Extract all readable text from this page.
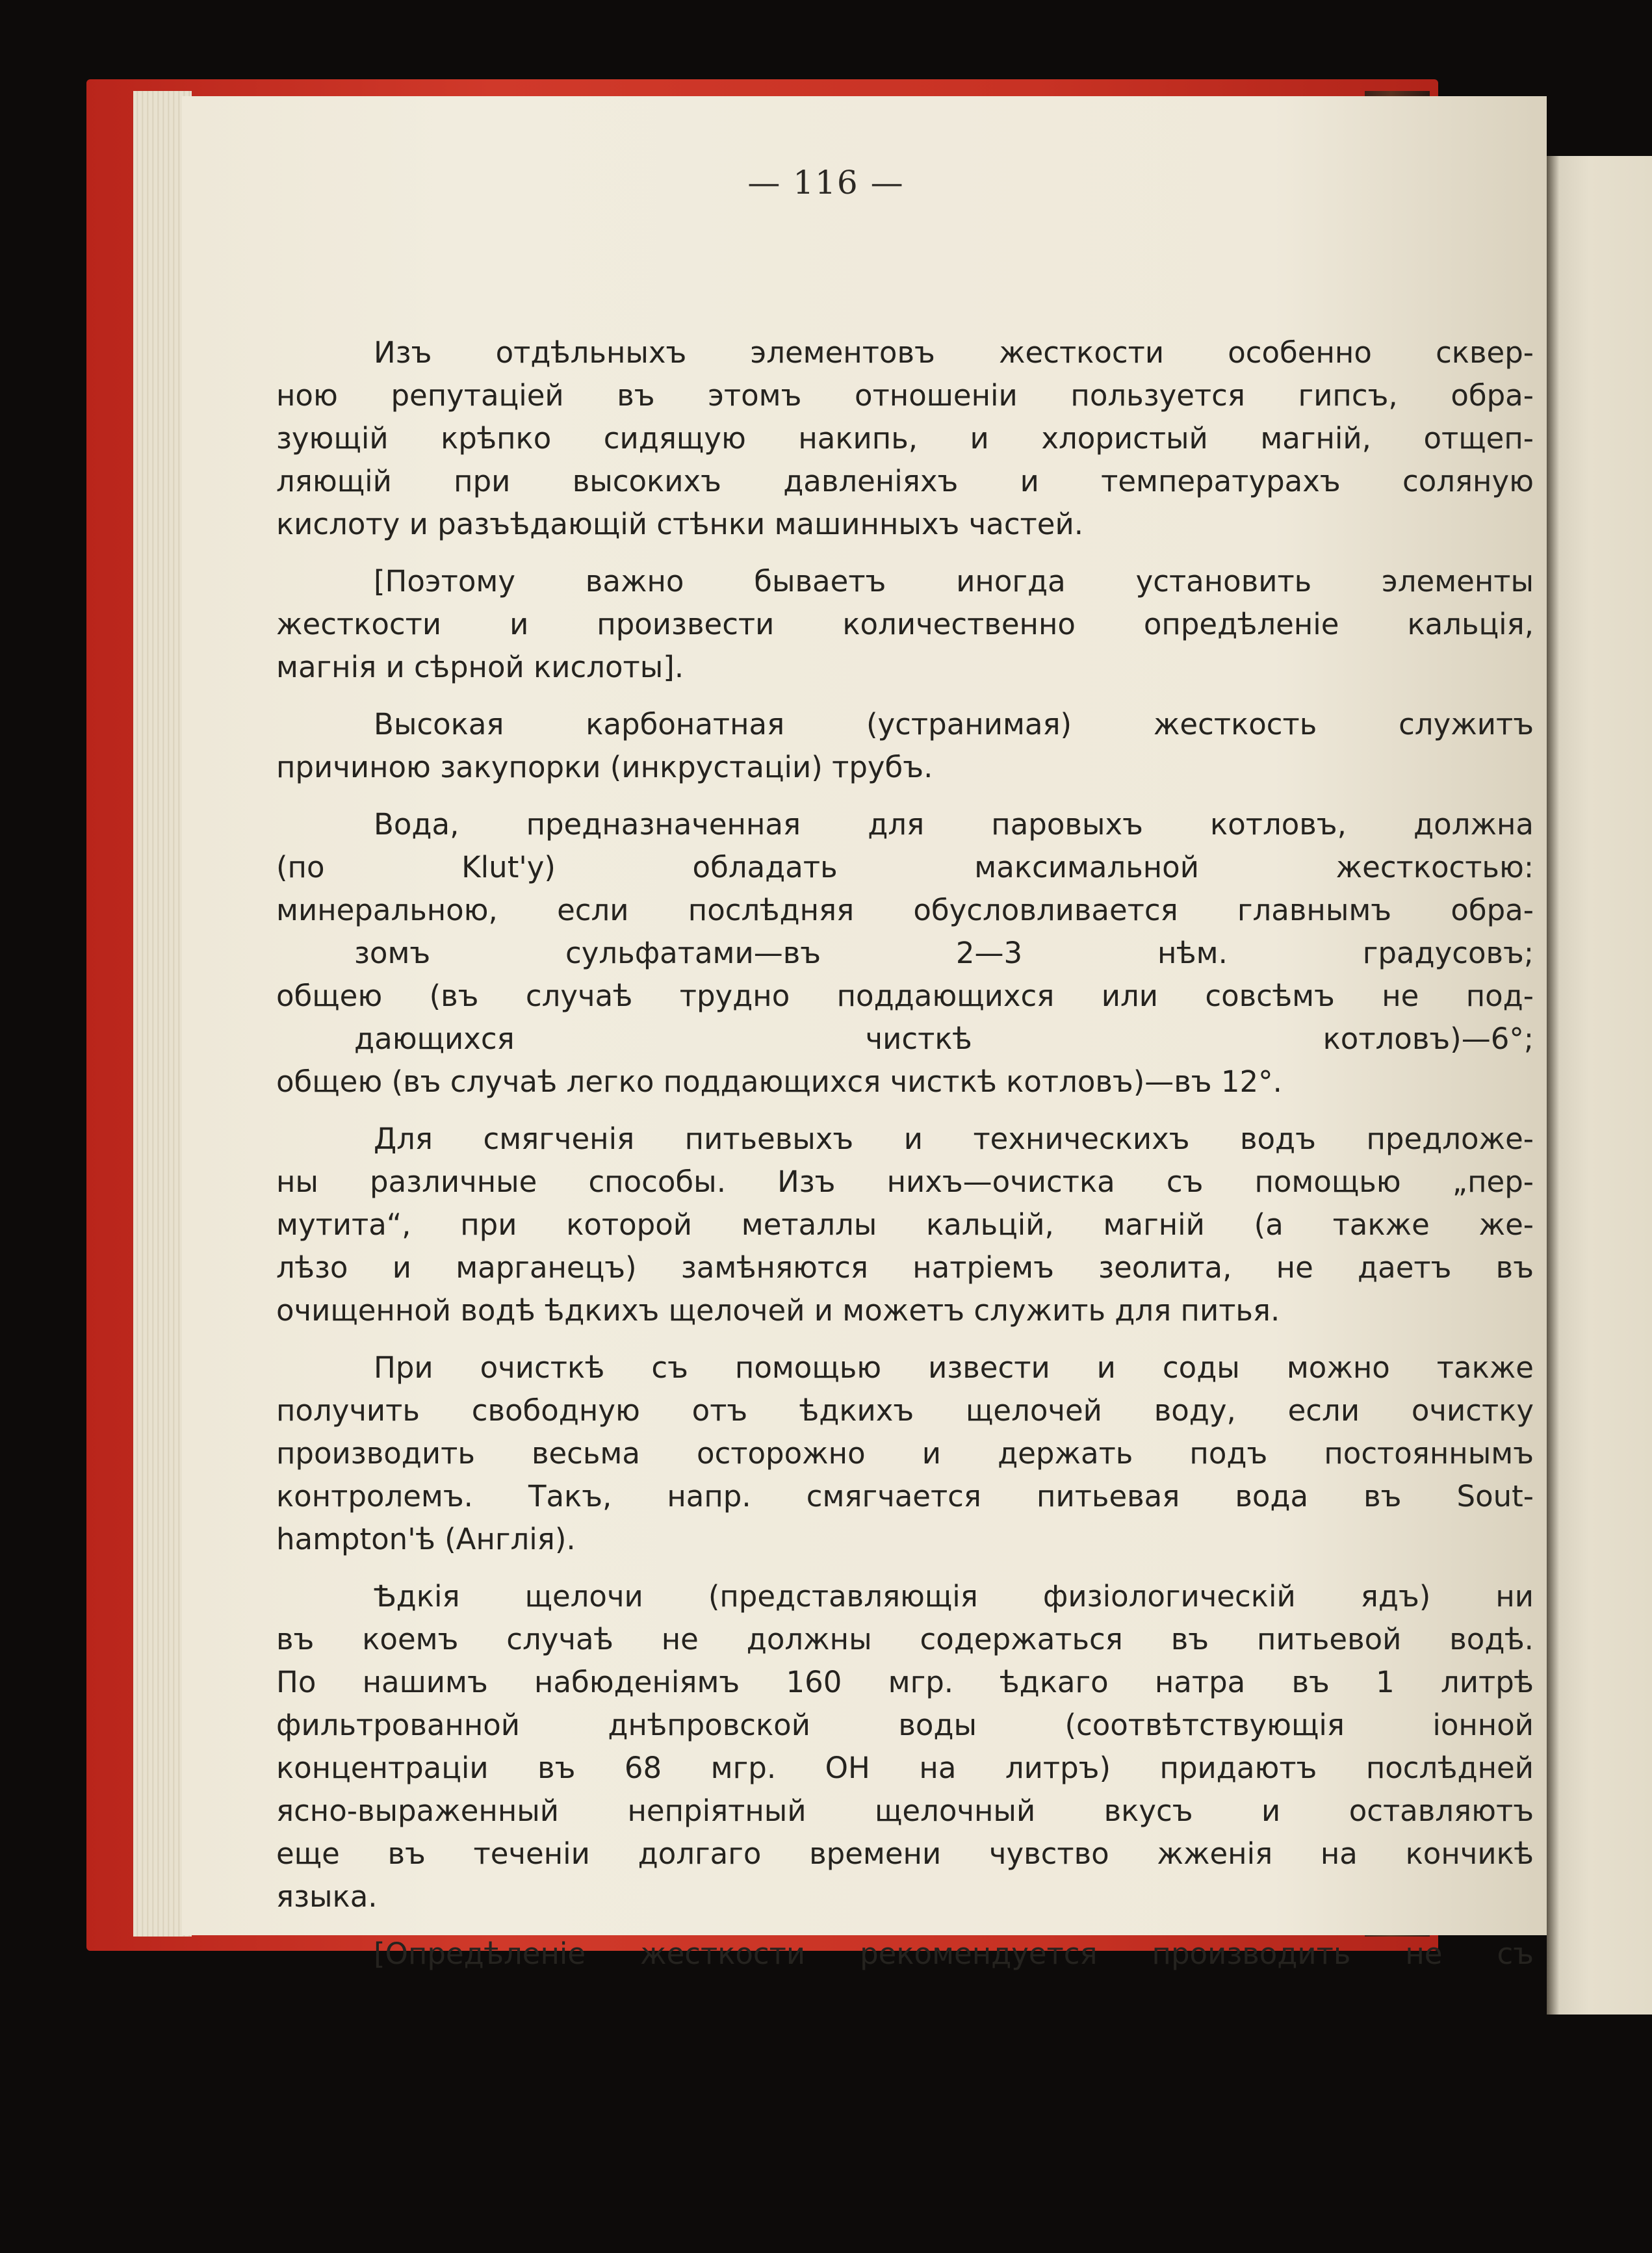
— 116 —
Изъ отдѣльныхъ элементовъ жесткости особенно сквер-
ною репутаціей въ этомъ отношеніи пользуется гипсъ, обра-
зующій крѣпко сидящую накипь, и хлористый магній, отщеп-
ляющій при высокихъ давленіяхъ и температурахъ соляную
кислоту и разъѣдающій стѣнки машинныхъ частей.
[Поэтому важно бываетъ иногда установить элементы
жесткости и произвести количественно опредѣленіе кальція,
магнія и сѣрной кислоты].
Высокая карбонатная (устранимая) жесткость служитъ
причиною закупорки (инкрустаціи) трубъ.
Вода, предназначенная для паровыхъ котловъ, должна
(по Klut'у) обладать максимальной жесткостью:
минеральною, если послѣдняя обусловливается главнымъ обра-
зомъ сульфатами—въ 2—3 нѣм. градусовъ;
общею (въ случаѣ трудно поддающихся или совсѣмъ не под-
дающихся чисткѣ котловъ)—6°;
общею (въ случаѣ легко поддающихся чисткѣ котловъ)—въ 12°.
Для смягченія питьевыхъ и техническихъ водъ предложе-
ны различные способы. Изъ нихъ—очистка съ помощью „пер-
мутита“, при которой металлы кальцій, магній (а также же-
лѣзо и марганецъ) замѣняются натріемъ зеолита, не даетъ въ
очищенной водѣ ѣдкихъ щелочей и можетъ служить для питья.
При очисткѣ съ помощью извести и соды можно также
получить свободную отъ ѣдкихъ щелочей воду, если очистку
производить весьма осторожно и держать подъ постояннымъ
контролемъ. Такъ, напр. смягчается питьевая вода въ Sout-
hampton'ѣ (Англія).
Ѣдкія щелочи (представляющія физіологическій ядъ) ни
въ коемъ случаѣ не должны содержаться въ питьевой водѣ.
По нашимъ набюденіямъ 160 мгр. ѣдкаго натра въ 1 литрѣ
фильтрованной днѣпровской воды (соотвѣтствующія іонной
концентраціи въ 68 мгр. OH на литръ) придаютъ послѣдней
ясно-выраженный непріятный щелочный вкусъ и оставляютъ
еще въ теченіи долгаго времени чувство жженія на кончикѣ
языка.
[Опредѣленіе жесткости рекомендуется производить не съ
